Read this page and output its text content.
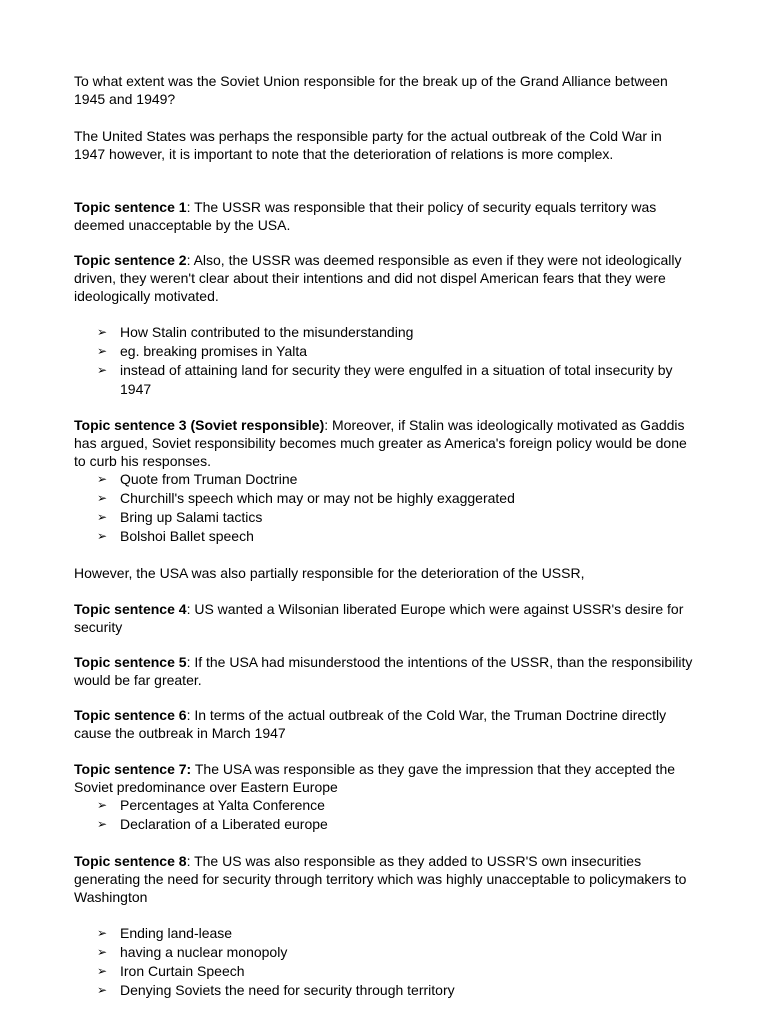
To what extent was the Soviet Union responsible for the break up of the Grand Alliance between 1945 and 1949?

The United States was perhaps the responsible party for the actual outbreak of the Cold War in 1947 however, it is important to note that the deterioration of relations is more complex.

Topic sentence 1: The USSR was responsible that their policy of security equals territory was deemed unacceptable by the USA.

Topic sentence 2: Also, the USSR was deemed responsible as even if they were not ideologically driven, they weren't clear about their intentions and did not dispel American fears that they were ideologically motivated.

➢ How Stalin contributed to the misunderstanding
➢ eg. breaking promises in Yalta
➢ instead of attaining land for security they were engulfed in a situation of total insecurity by 1947

Topic sentence 3 (Soviet responsible): Moreover, if Stalin was ideologically motivated as Gaddis has argued, Soviet responsibility becomes much greater as America's foreign policy would be done to curb his responses.

➢ Quote from Truman Doctrine
➢ Churchill's speech which may or may not be highly exaggerated
➢ Bring up Salami tactics
➢ Bolshoi Ballet speech

However, the USA was also partially responsible for the deterioration of the USSR,

Topic sentence 4: US wanted a Wilsonian liberated Europe which were against USSR's desire for security

Topic sentence 5: If the USA had misunderstood the intentions of the USSR, than the responsibility would be far greater.

Topic sentence 6: In terms of the actual outbreak of the Cold War, the Truman Doctrine directly cause the outbreak in March 1947

Topic sentence 7: The USA was responsible as they gave the impression that they accepted the Soviet predominance over Eastern Europe

➢ Percentages at Yalta Conference
➢ Declaration of a Liberated europe

Topic sentence 8: The US was also responsible as they added to USSR'S own insecurities generating the need for security through territory which was highly unacceptable to policymakers to Washington

➢ Ending land-lease
➢ having a nuclear monopoly
➢ Iron Curtain Speech
➢ Denying Soviets the need for security through territory
